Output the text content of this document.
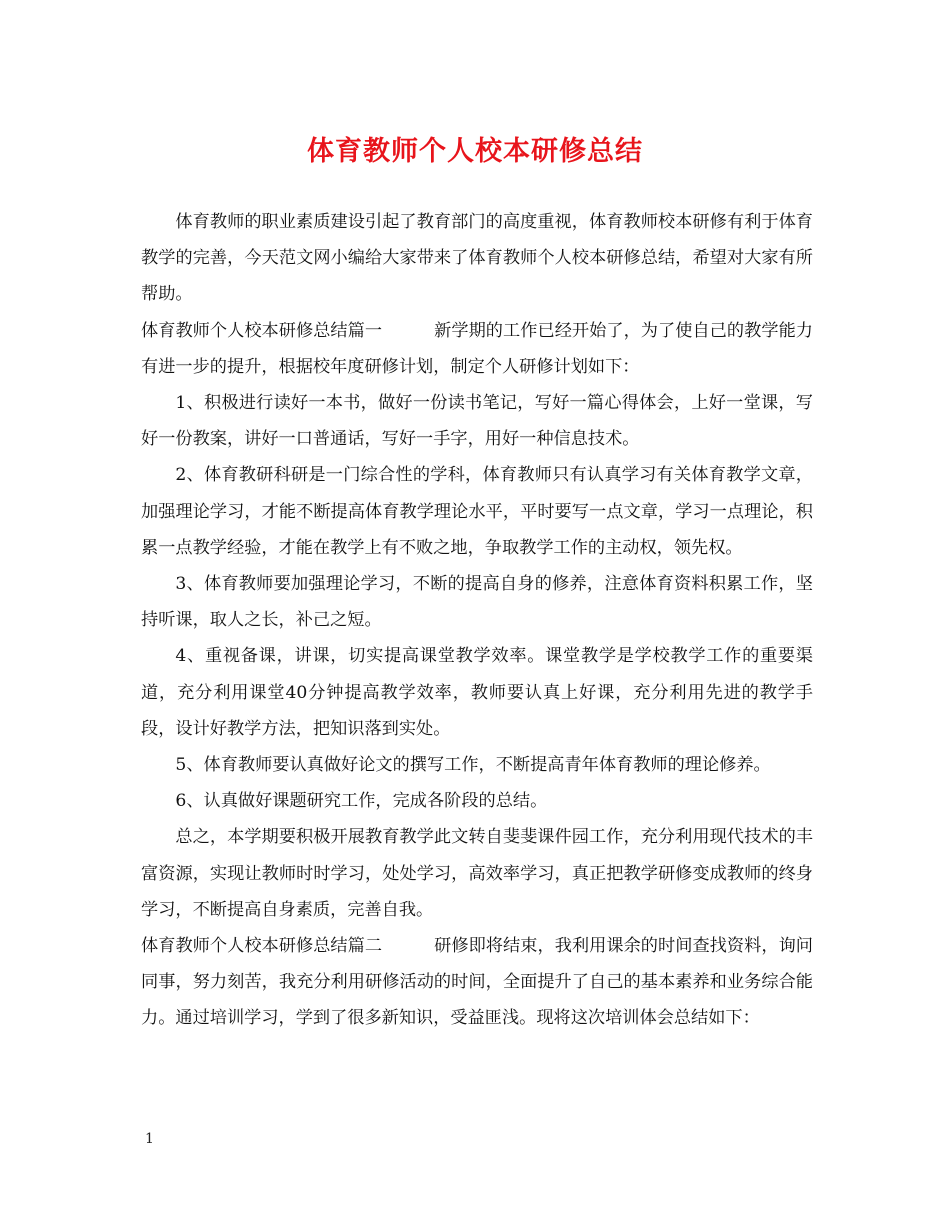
体育教师个人校本研修总结

体育教师的职业素质建设引起了教育部门的高度重视，体育教师校本研修有利于体育教学的完善，今天范文网小编给大家带来了体育教师个人校本研修总结，希望对大家有所帮助。

体育教师个人校本研修总结篇一	新学期的工作已经开始了，为了使自己的教学能力有进一步的提升，根据校年度研修计划，制定个人研修计划如下：

1、积极进行读好一本书，做好一份读书笔记，写好一篇心得体会，上好一堂课，写好一份教案，讲好一口普通话，写好一手字，用好一种信息技术。

2、体育教研科研是一门综合性的学科，体育教师只有认真学习有关体育教学文章，加强理论学习，才能不断提高体育教学理论水平，平时要写一点文章，学习一点理论，积累一点教学经验，才能在教学上有不败之地，争取教学工作的主动权，领先权。

3、体育教师要加强理论学习，不断的提高自身的修养，注意体育资料积累工作，坚持听课，取人之长，补己之短。

4、重视备课，讲课，切实提高课堂教学效率。课堂教学是学校教学工作的重要渠道，充分利用课堂40分钟提高教学效率，教师要认真上好课，充分利用先进的教学手段，设计好教学方法，把知识落到实处。

5、体育教师要认真做好论文的撰写工作，不断提高青年体育教师的理论修养。

6、认真做好课题研究工作，完成各阶段的总结。

总之，本学期要积极开展教育教学此文转自斐斐课件园工作，充分利用现代技术的丰富资源，实现让教师时时学习，处处学习，高效率学习，真正把教学研修变成教师的终身学习，不断提高自身素质，完善自我。

体育教师个人校本研修总结篇二	研修即将结束，我利用课余的时间查找资料，询问同事，努力刻苦，我充分利用研修活动的时间，全面提升了自己的基本素养和业务综合能力。通过培训学习，学到了很多新知识，受益匪浅。现将这次培训体会总结如下：

1
